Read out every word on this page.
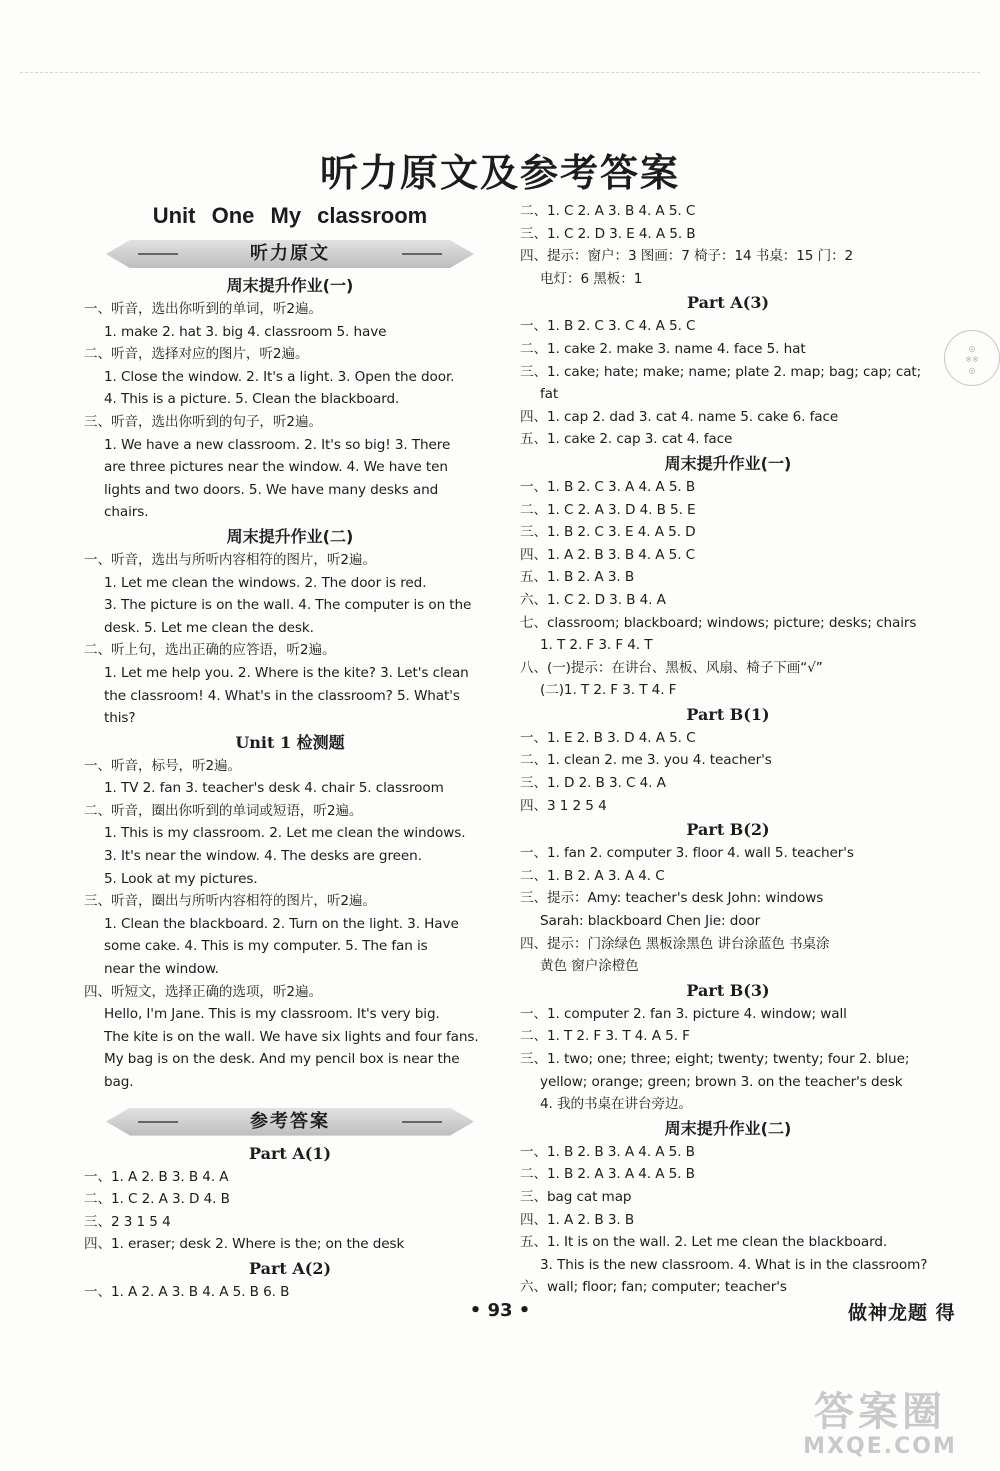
听力原文及参考答案
Unit One My classroom
听力原文
周末提升作业(一)
一、听音，选出你听到的单词，听2遍。
1. make 2. hat 3. big 4. classroom 5. have
二、听音，选择对应的图片，听2遍。
1. Close the window. 2. It's a light. 3. Open the door.
4. This is a picture. 5. Clean the blackboard.
三、听音，选出你听到的句子，听2遍。
1. We have a new classroom. 2. It's so big! 3. There
are three pictures near the window. 4. We have ten
lights and two doors. 5. We have many desks and
chairs.
周末提升作业(二)
一、听音，选出与所听内容相符的图片，听2遍。
1. Let me clean the windows. 2. The door is red.
3. The picture is on the wall. 4. The computer is on the
desk. 5. Let me clean the desk.
二、听上句，选出正确的应答语，听2遍。
1. Let me help you. 2. Where is the kite? 3. Let's clean
the classroom! 4. What's in the classroom? 5. What's
this?
Unit 1 检测题
一、听音，标号，听2遍。
1. TV 2. fan 3. teacher's desk 4. chair 5. classroom
二、听音，圈出你听到的单词或短语，听2遍。
1. This is my classroom. 2. Let me clean the windows.
3. It's near the window. 4. The desks are green.
5. Look at my pictures.
三、听音，圈出与所听内容相符的图片，听2遍。
1. Clean the blackboard. 2. Turn on the light. 3. Have
some cake. 4. This is my computer. 5. The fan is
near the window.
四、听短文，选择正确的选项，听2遍。
Hello, I'm Jane. This is my classroom. It's very big.
The kite is on the wall. We have six lights and four fans.
My bag is on the desk. And my pencil box is near the
bag.
参考答案
Part A(1)
一、1. A 2. B 3. B 4. A
二、1. C 2. A 3. D 4. B
三、2 3 1 5 4
四、1. eraser; desk 2. Where is the; on the desk
Part A(2)
一、1. A 2. A 3. B 4. A 5. B 6. B
二、1. C 2. A 3. B 4. A 5. C
三、1. C 2. D 3. E 4. A 5. B
四、提示：窗户：3 图画：7 椅子：14 书桌：15 门：2
电灯：6 黑板：1
Part A(3)
一、1. B 2. C 3. C 4. A 5. C
二、1. cake 2. make 3. name 4. face 5. hat
三、1. cake; hate; make; name; plate 2. map; bag; cap; cat;
fat
四、1. cap 2. dad 3. cat 4. name 5. cake 6. face
五、1. cake 2. cap 3. cat 4. face
周末提升作业(一)
一、1. B 2. C 3. A 4. A 5. B
二、1. C 2. A 3. D 4. B 5. E
三、1. B 2. C 3. E 4. A 5. D
四、1. A 2. B 3. B 4. A 5. C
五、1. B 2. A 3. B
六、1. C 2. D 3. B 4. A
七、classroom; blackboard; windows; picture; desks; chairs
1. T 2. F 3. F 4. T
八、(一)提示：在讲台、黑板、风扇、椅子下画“√”
(二)1. T 2. F 3. T 4. F
Part B(1)
一、1. E 2. B 3. D 4. A 5. C
二、1. clean 2. me 3. you 4. teacher's
三、1. D 2. B 3. C 4. A
四、3 1 2 5 4
Part B(2)
一、1. fan 2. computer 3. floor 4. wall 5. teacher's
二、1. B 2. A 3. A 4. C
三、提示：Amy: teacher's desk John: windows
Sarah: blackboard Chen Jie: door
四、提示：门涂绿色 黑板涂黑色 讲台涂蓝色 书桌涂
黄色 窗户涂橙色
Part B(3)
一、1. computer 2. fan 3. picture 4. window; wall
二、1. T 2. F 3. T 4. A 5. F
三、1. two; one; three; eight; twenty; twenty; four 2. blue;
yellow; orange; green; brown 3. on the teacher's desk
4. 我的书桌在讲台旁边。
周末提升作业(二)
一、1. B 2. B 3. A 4. A 5. B
二、1. B 2. A 3. A 4. A 5. B
三、bag cat map
四、1. A 2. B 3. B
五、1. It is on the wall. 2. Let me clean the blackboard.
3. This is the new classroom. 4. What is in the classroom?
六、wall; floor; fan; computer; teacher's
◎
※※
◎
• 93 •	做神龙题 得
答案圈
MXQE.COM
